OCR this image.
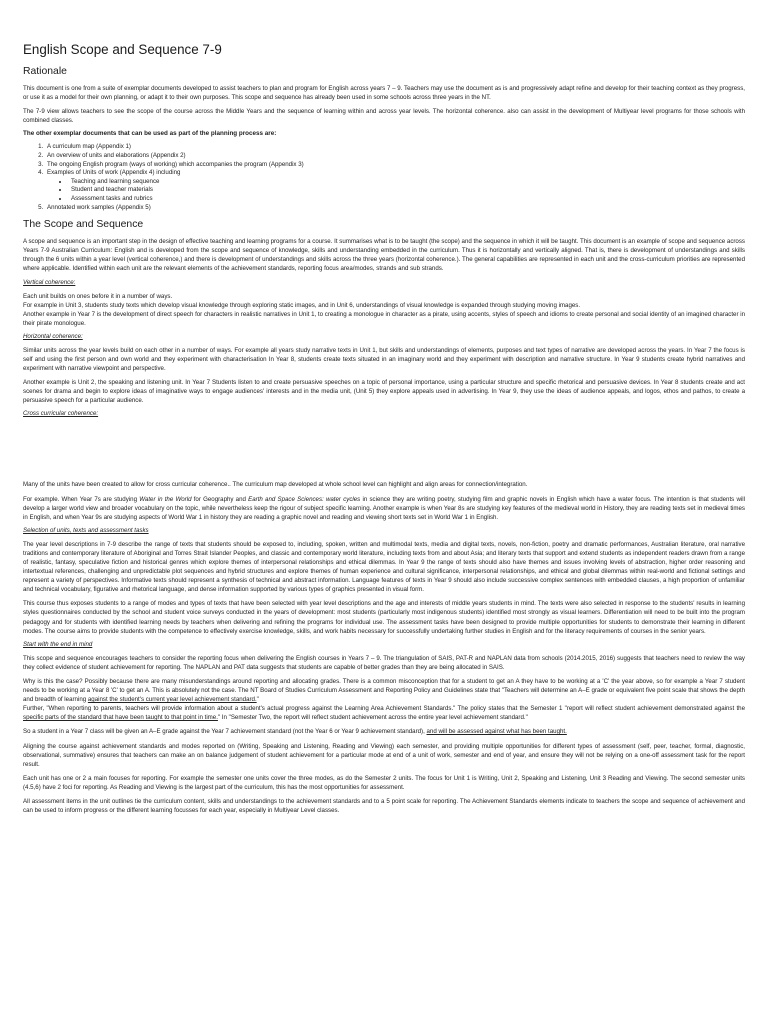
English Scope and Sequence 7-9
Rationale

This document is one from a suite of exemplar documents developed to assist teachers to plan and program for English across years 7 – 9. Teachers may use the document as is and progressively adapt refine and develop for their teaching context as they progress, or use it as a model for their own planning, or adapt it to their own purposes. This scope and sequence has already been used in some schools across three years in the NT.

The 7-9 view allows teachers to see the scope of the course across the Middle Years and the sequence of learning within and across year levels. The horizontal coherence. also can assist in the development of Multiyear level programs for those schools with combined classes.

The other exemplar documents that can be used as part of the planning process are:
1. A curriculum map (Appendix 1)
2. An overview of units and elaborations (Appendix 2)
3. The ongoing English program (ways of working) which accompanies the program (Appendix 3)
4. Examples of Units of work (Appendix 4) including
• Teaching and learning sequence
• Student and teacher materials
• Assessment tasks and rubrics
5. Annotated work samples (Appendix 5)
The Scope and Sequence

A scope and sequence is an important step in the design of effective teaching and learning programs for a course. It summarises what is to be taught (the scope) and the sequence in which it will be taught. This document is an example of scope and sequence across Years 7-9 Australian Curriculum: English and is developed from the scope and sequence of knowledge, skills and understanding embedded in the curriculum. Thus it is horizontally and vertically aligned. That is, there is development of understandings and skills through the 6 units within a year level (vertical coherence,) and there is development of understandings and skills across the three years (horizontal coherence.). The general capabilities are represented in each unit and the cross-curriculum priorities are represented where applicable. Identified within each unit are the relevant elements of the achievement standards, reporting focus area/modes, strands and sub strands.

Vertical coherence:

Each unit builds on ones before it in a number of ways.

For example in Unit 3, students study texts which develop visual knowledge through exploring static images, and in Unit 6, understandings of visual knowledge is expanded through studying moving images.

Another example in Year 7 is the development of direct speech for characters in realistic narratives in Unit 1, to creating a monologue in character as a pirate, using accents, styles of speech and idioms to create personal and social identity of an imagined character in their pirate monologue.

Horizontal coherence:

Similar units across the year levels build on each other in a number of ways. For example all years study narrative texts in Unit 1, but skills and understandings of elements, purposes and text types of narrative are developed across the years. In Year 7 the focus is self and using the first person and own world and they experiment with characterisation In Year 8, students create texts situated in an imaginary world and they experiment with description and narrative structure. In Year 9 students create hybrid narratives and experiment with narrative viewpoint and perspective.

Another example is Unit 2, the speaking and listening unit. In Year 7 Students listen to and create persuasive speeches on a topic of personal importance, using a particular structure and specific rhetorical and persuasive devices. In Year 8 students create and act scenes for drama and begin to explore ideas of imaginative ways to engage audiences' interests and in the media unit, (Unit 5) they explore appeals used in advertising. In Year 9, they use the ideas of audience appeals, and logos, ethos and pathos, to create a persuasive speech for a particular audience.

Cross curricular coherence:

Many of the units have been created to allow for cross curricular coherence.. The curriculum map developed at whole school level can highlight and align areas for connection/integration.

For example. When Year 7s are studying Water in the World for Geography and Earth and Space Sciences: water cycles in science they are writing poetry, studying film and graphic novels in English which have a water focus. The intention is that students will develop a larger world view and broader vocabulary on the topic, while nevertheless keep the rigour of subject specific learning. Another example is when Year 8s are studying key features of the medieval world in History, they are reading texts set in medieval times in English, and when Year 9s are studying aspects of World War 1 in history they are reading a graphic novel and reading and viewing short texts set in World War 1 in English.

Selection of units, texts and assessment tasks

The year level descriptions in 7-9 describe the range of texts that students should be exposed to, including, spoken, written and multimodal texts, media and digital texts, novels, non-fiction, poetry and dramatic performances, Australian literature, oral narrative traditions and contemporary literature of Aboriginal and Torres Strait Islander Peoples, and classic and contemporary world literature, including texts from and about Asia; and literary texts that support and extend students as independent readers drawn from a range of realistic, fantasy, speculative fiction and historical genres which explore themes of interpersonal relationships and ethical dilemmas. In Year 9 the range of texts should also have themes and issues involving levels of abstraction, higher order reasoning and intertextual references, challenging and unpredictable plot sequences and hybrid structures and explore themes of human experience and cultural significance, interpersonal relationships, and ethical and global dilemmas within real-world and fictional settings and represent a variety of perspectives. Informative texts should represent a synthesis of technical and abstract information. Language features of texts in Year 9 should also include successive complex sentences with embedded clauses, a high proportion of unfamiliar and technical vocabulary, figurative and rhetorical language, and dense information supported by various types of graphics presented in visual form.

This course thus exposes students to a range of modes and types of texts that have been selected with year level descriptions and the age and interests of middle years students in mind. The texts were also selected in response to the students' results in learning styles questionnaires conducted by the school and student voice surveys conducted in the years of development: most students (particularly most indigenous students) identified most strongly as visual learners. Differentiation will need to be built into the program pedagogy and for students with identified learning needs by teachers when delivering and refining the programs for individual use. The assessment tasks have been designed to provide multiple opportunities for students to demonstrate their learning in different modes. The course aims to provide students with the competence to effectively exercise knowledge, skills, and work habits necessary for successfully undertaking further studies in English and for the literacy requirements of courses in the senior years.

Start with the end in mind

This scope and sequence encourages teachers to consider the reporting focus when delivering the English courses in Years 7 – 9. The triangulation of SAIS, PAT-R and NAPLAN data from schools (2014.2015, 2016) suggests that teachers need to review the way they collect evidence of student achievement for reporting. The NAPLAN and PAT data suggests that students are capable of better grades than they are being allocated in SAIS.

Why is this the case? Possibly because there are many misunderstandings around reporting and allocating grades. There is a common misconception that for a student to get an A they have to be working at a 'C' the year above, so for example a Year 7 student needs to be working at a Year 8 'C' to get an A. This is absolutely not the case. The NT Board of Studies Curriculum Assessment and Reporting Policy and Guidelines state that "Teachers will determine an A–E grade or equivalent five point scale that shows the depth and breadth of learning against the student's current year level achievement standard."
Further, "When reporting to parents, teachers will provide information about a student's actual progress against the Learning Area Achievement Standards." The policy states that the Semester 1 "report will reflect student achievement demonstrated against the specific parts of the standard that have been taught to that point in time." In "Semester Two, the report will reflect student achievement across the entire year level achievement standard."

So a student in a Year 7 class will be given an A–E grade against the Year 7 achievement standard (not the Year 6 or Year 9 achievement standard), and will be assessed against what has been taught.

Aligning the course against achievement standards and modes reported on (Writing, Speaking and Listening, Reading and Viewing) each semester, and providing multiple opportunities for different types of assessment (self, peer, teacher, formal, diagnostic, observational, summative) ensures that teachers can make an on balance judgement of student achievement for a particular mode at end of a unit of work, semester and end of year, and ensure they will not be relying on a one-off assessment task for the report result.

Each unit has one or 2 a main focuses for reporting. For example the semester one units cover the three modes, as do the Semester 2 units. The focus for Unit 1 is Writing, Unit 2, Speaking and Listening, Unit 3 Reading and Viewing. The second semester units (4.5,6) have 2 foci for reporting. As Reading and Viewing is the largest part of the curriculum, this has the most opportunities for assessment.

All assessment items in the unit outlines tie the curriculum content, skills and understandings to the achievement standards and to a 5 point scale for reporting. The Achievement Standards elements indicate to teachers the scope and sequence of achievement and can be used to inform progress or the different learning focusses for each year, especially in Multiyear Level classes.
